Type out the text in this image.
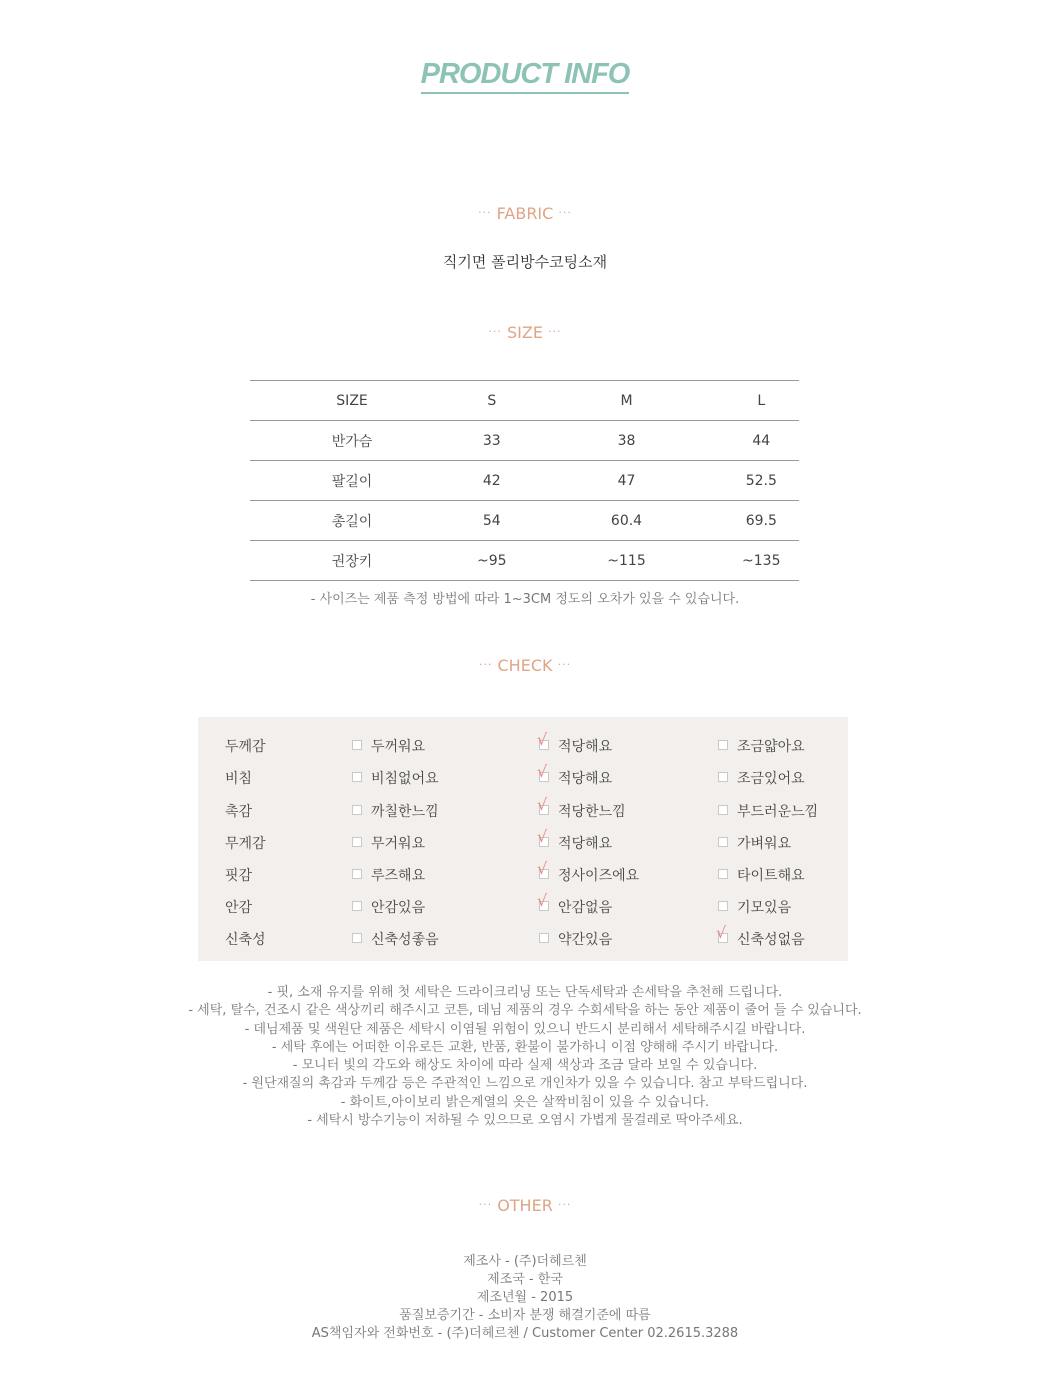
PRODUCT INFO
··· FABRIC ···
직기면 폴리방수코팅소재
··· SIZE ···
SIZE	S	M	L
반가슴	33	38	44
팔길이	42	47	52.5
총길이	54	60.4	69.5
권장키	~95	~115	~135
- 사이즈는 제품 측정 방법에 따라 1~3CM 정도의 오차가 있을 수 있습니다.
··· CHECK ···
두께감	두꺼워요	√ 적당해요	조금얇아요
비침	비침없어요	√ 적당해요	조금있어요
촉감	까칠한느낌	√ 적당한느낌	부드러운느낌
무게감	무거워요	√ 적당해요	가벼워요
핏감	루즈해요	√ 정사이즈에요	타이트해요
안감	안감있음	√ 안감없음	기모있음
신축성	신축성좋음	약간있음	√ 신축성없음
- 핏, 소재 유지를 위해 첫 세탁은 드라이크리닝 또는 단독세탁과 손세탁을 추천해 드립니다.
- 세탁, 탈수, 건조시 같은 색상끼리 해주시고 코튼, 데님 제품의 경우 수회세탁을 하는 동안 제품이 줄어 들 수 있습니다.
- 데님제품 및 색원단 제품은 세탁시 이염될 위험이 있으니 반드시 분리해서 세탁해주시길 바랍니다.
- 세탁 후에는 어떠한 이유로든 교환, 반품, 환불이 불가하니 이점 양해해 주시기 바랍니다.
- 모니터 빛의 각도와 해상도 차이에 따라 실제 색상과 조금 달라 보일 수 있습니다.
- 원단재질의 촉감과 두께감 등은 주관적인 느낌으로 개인차가 있을 수 있습니다. 참고 부탁드립니다.
- 화이트,아이보리 밝은계열의 옷은 살짝비침이 있을 수 있습니다.
- 세탁시 방수기능이 저하될 수 있으므로 오염시 가볍게 물걸레로 딱아주세요.
··· OTHER ···
제조사 - (주)더헤르첸
제조국 - 한국
제조년월 - 2015
품질보증기간 - 소비자 분쟁 해결기준에 따름
AS책임자와 전화번호 - (주)더헤르첸 / Customer Center 02.2615.3288
